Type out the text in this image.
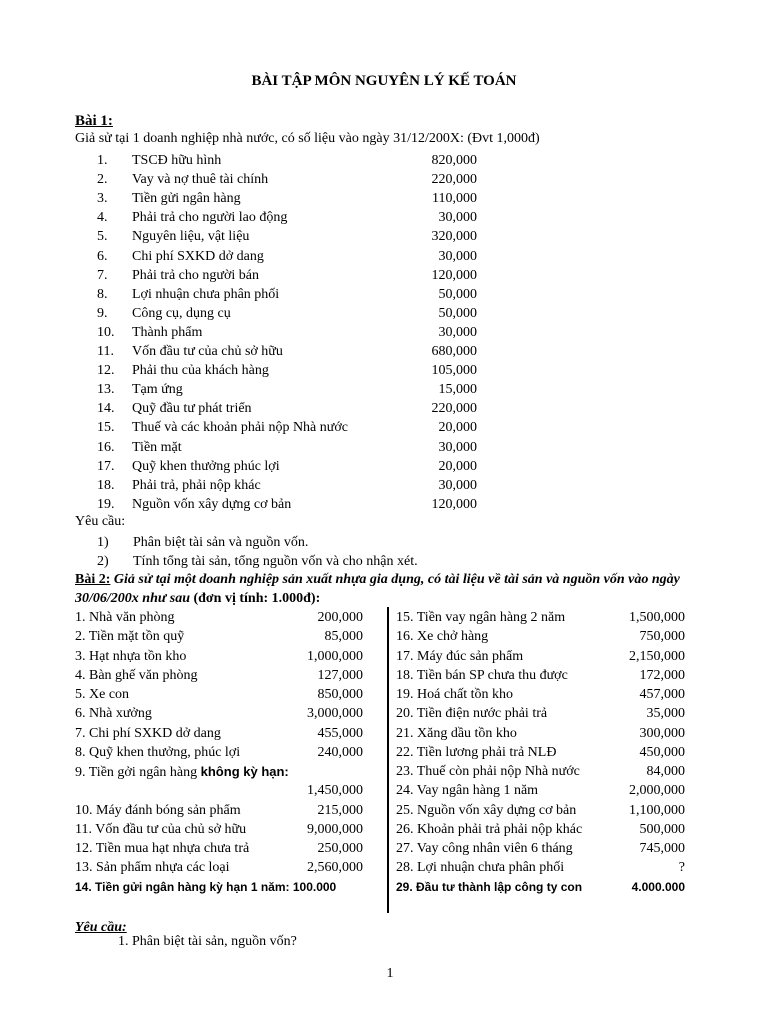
BÀI TẬP MÔN NGUYÊN LÝ KẾ TOÁN
Bài 1:
Giả sử tại 1 doanh nghiệp nhà nước, có số liệu vào ngày 31/12/200X: (Đvt 1,000đ)
1.	TSCĐ hữu hình	820,000
2.	Vay và nợ thuê tài chính	220,000
3.	Tiền gửi ngân hàng	110,000
4.	Phải trả cho người lao động	30,000
5.	Nguyên liệu, vật liệu	320,000
6.	Chi phí SXKD dở dang	30,000
7.	Phải trả cho người bán	120,000
8.	Lợi nhuận chưa phân phối	50,000
9.	Công cụ, dụng cụ	50,000
10.	Thành phẩm	30,000
11.	Vốn đầu tư của chủ sở hữu	680,000
12.	Phải thu của khách hàng	105,000
13.	Tạm ứng	15,000
14.	Quỹ đầu tư phát triển	220,000
15.	Thuế và các khoản phải nộp Nhà nước	20,000
16.	Tiền mặt	30,000
17.	Quỹ khen thưởng phúc lợi	20,000
18.	Phải trả, phải nộp khác	30,000
19.	Nguồn vốn xây dựng cơ bản	120,000
Yêu cầu:
1)	Phân biệt tài sản và nguồn vốn.
2)	Tính tổng tài sản, tổng nguồn vốn và cho nhận xét.
Bài 2: Giả sử tại một doanh nghiệp sản xuất nhựa gia dụng, có tài liệu về tài sản và nguồn vốn vào ngày 30/06/200x như sau (đơn vị tính: 1.000đ):
1. Nhà văn phòng	200,000
2. Tiền mặt tồn quỹ	85,000
3. Hạt nhựa tồn kho	1,000,000
4. Bàn ghế văn phòng	127,000
5. Xe con	850,000
6. Nhà xưởng	3,000,000
7. Chi phí SXKD dở dang	455,000
8. Quỹ khen thưởng, phúc lợi	240,000
9. Tiền gởi ngân hàng không kỳ hạn:
1,450,000
10. Máy đánh bóng sản phẩm	215,000
11. Vốn đầu tư của chủ sở hữu	9,000,000
12. Tiền mua hạt nhựa chưa trả	250,000
13. Sản phẩm nhựa các loại	2,560,000
14. Tiền gửi ngân hàng kỳ hạn 1 năm: 100.000
15. Tiền vay ngân hàng 2 năm	1,500,000
16. Xe chở hàng	750,000
17. Máy đúc sản phẩm	2,150,000
18. Tiền bán SP chưa thu được	172,000
19. Hoá chất tồn kho	457,000
20. Tiền điện nước phải trả	35,000
21. Xăng dầu tồn kho	300,000
22. Tiền lương phải trả NLĐ	450,000
23. Thuế còn phải nộp Nhà nước	84,000
24. Vay ngân hàng 1 năm	2,000,000
25. Nguồn vốn xây dựng cơ bản	1,100,000
26. Khoản phải trả phải nộp khác	500,000
27. Vay công nhân viên 6 tháng	745,000
28. Lợi nhuận chưa phân phối	?
29. Đầu tư thành lập công ty con	4.000.000
Yêu cầu:
1. Phân biệt tài sản, nguồn vốn?
1
